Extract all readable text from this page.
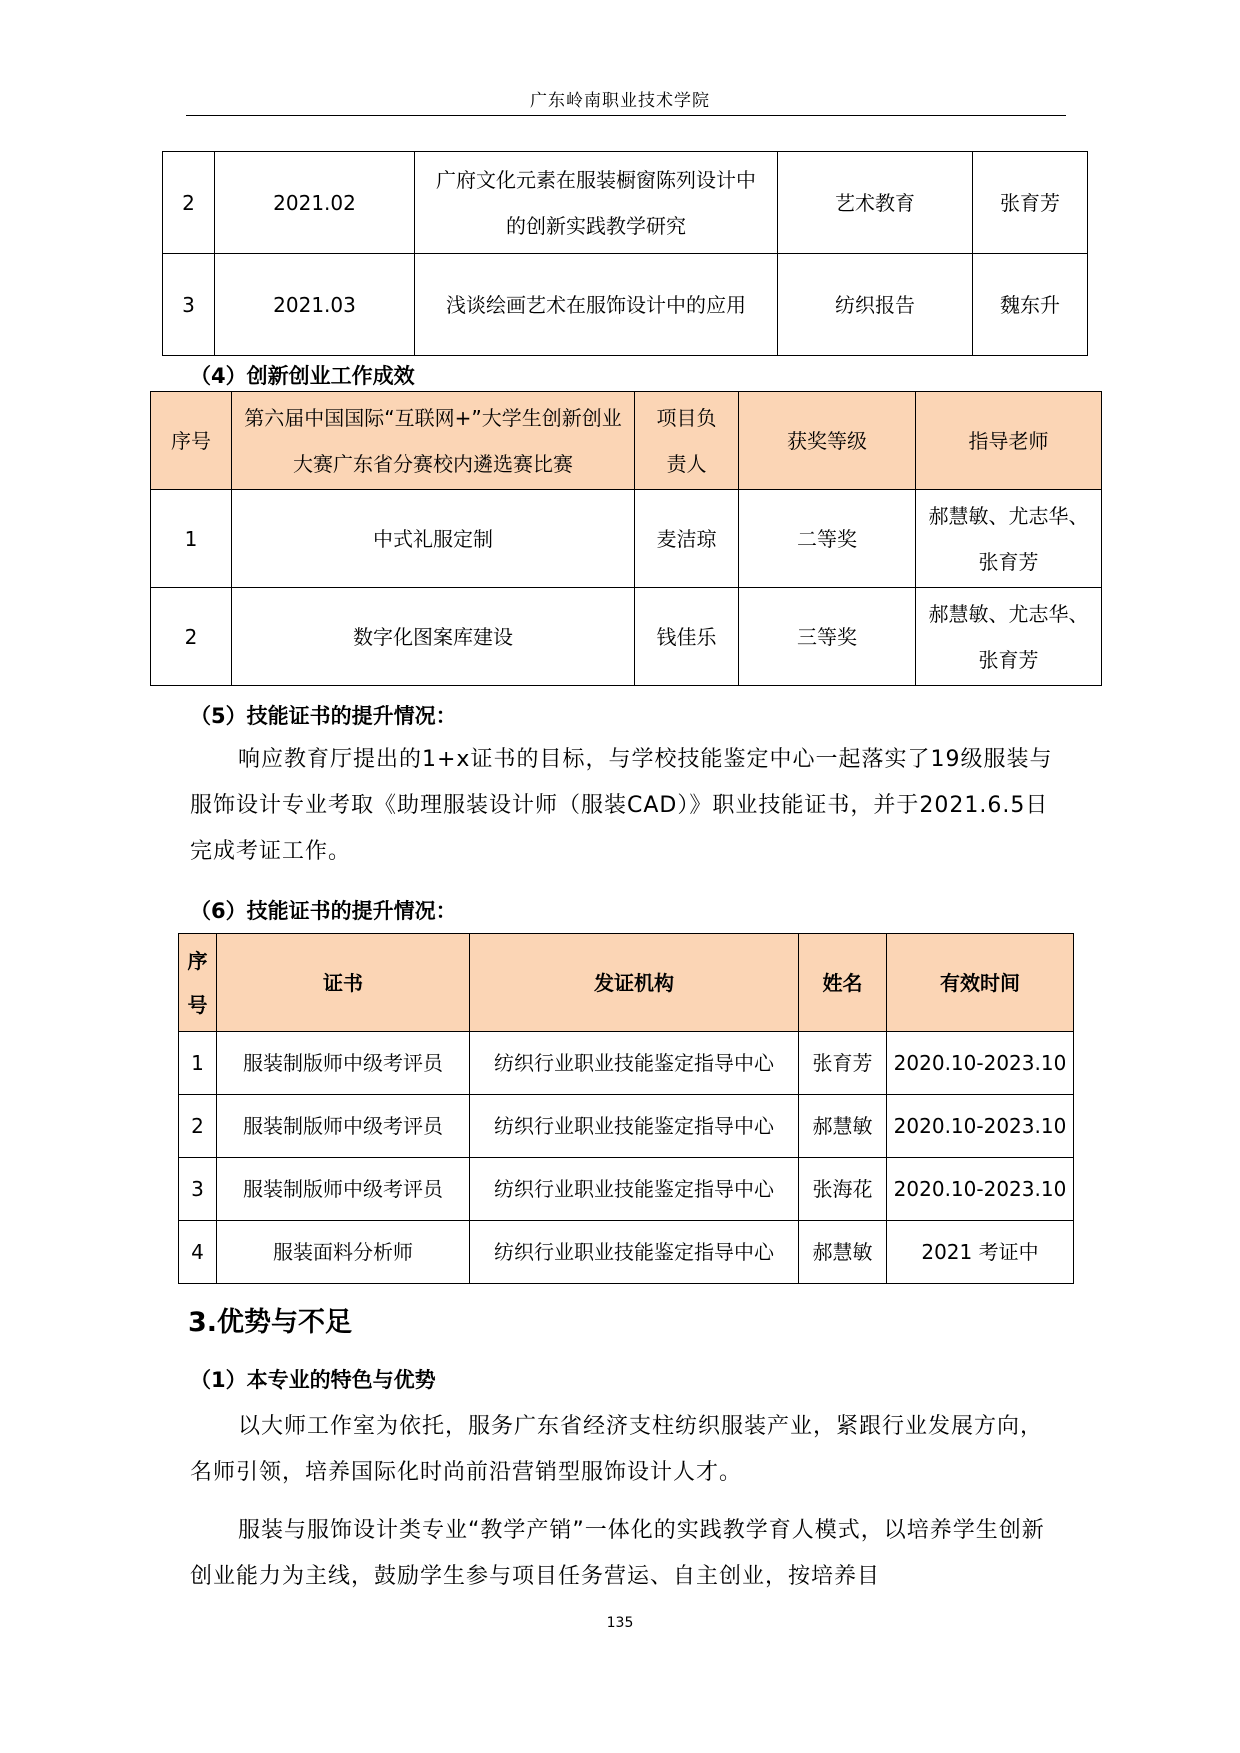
广东岭南职业技术学院
2	2021.02	广府文化元素在服装橱窗陈列设计中的创新实践教学研究	艺术教育	张育芳
3	2021.03	浅谈绘画艺术在服饰设计中的应用	纺织报告	魏东升
（4）创新创业工作成效
序号	第六届中国国际“互联网+”大学生创新创业大赛广东省分赛校内遴选赛比赛	项目负责人	获奖等级	指导老师
1	中式礼服定制	麦洁琼	二等奖	郝慧敏、尤志华、张育芳
2	数字化图案库建设	钱佳乐	三等奖	郝慧敏、尤志华、张育芳
（5）技能证书的提升情况：
响应教育厅提出的1+x证书的目标，与学校技能鉴定中心一起落实了19级服装与服饰设计专业考取《助理服装设计师（服装CAD）》职业技能证书，并于2021.6.5日完成考证工作。
（6）技能证书的提升情况：
序号	证书	发证机构	姓名	有效时间
1	服装制版师中级考评员	纺织行业职业技能鉴定指导中心	张育芳	2020.10-2023.10
2	服装制版师中级考评员	纺织行业职业技能鉴定指导中心	郝慧敏	2020.10-2023.10
3	服装制版师中级考评员	纺织行业职业技能鉴定指导中心	张海花	2020.10-2023.10
4	服装面料分析师	纺织行业职业技能鉴定指导中心	郝慧敏	2021 考证中
3.优势与不足
（1）本专业的特色与优势
以大师工作室为依托，服务广东省经济支柱纺织服装产业，紧跟行业发展方向，名师引领，培养国际化时尚前沿营销型服饰设计人才。
服装与服饰设计类专业“教学产销”一体化的实践教学育人模式，以培养学生创新创业能力为主线，鼓励学生参与项目任务营运、自主创业，按培养目
135
